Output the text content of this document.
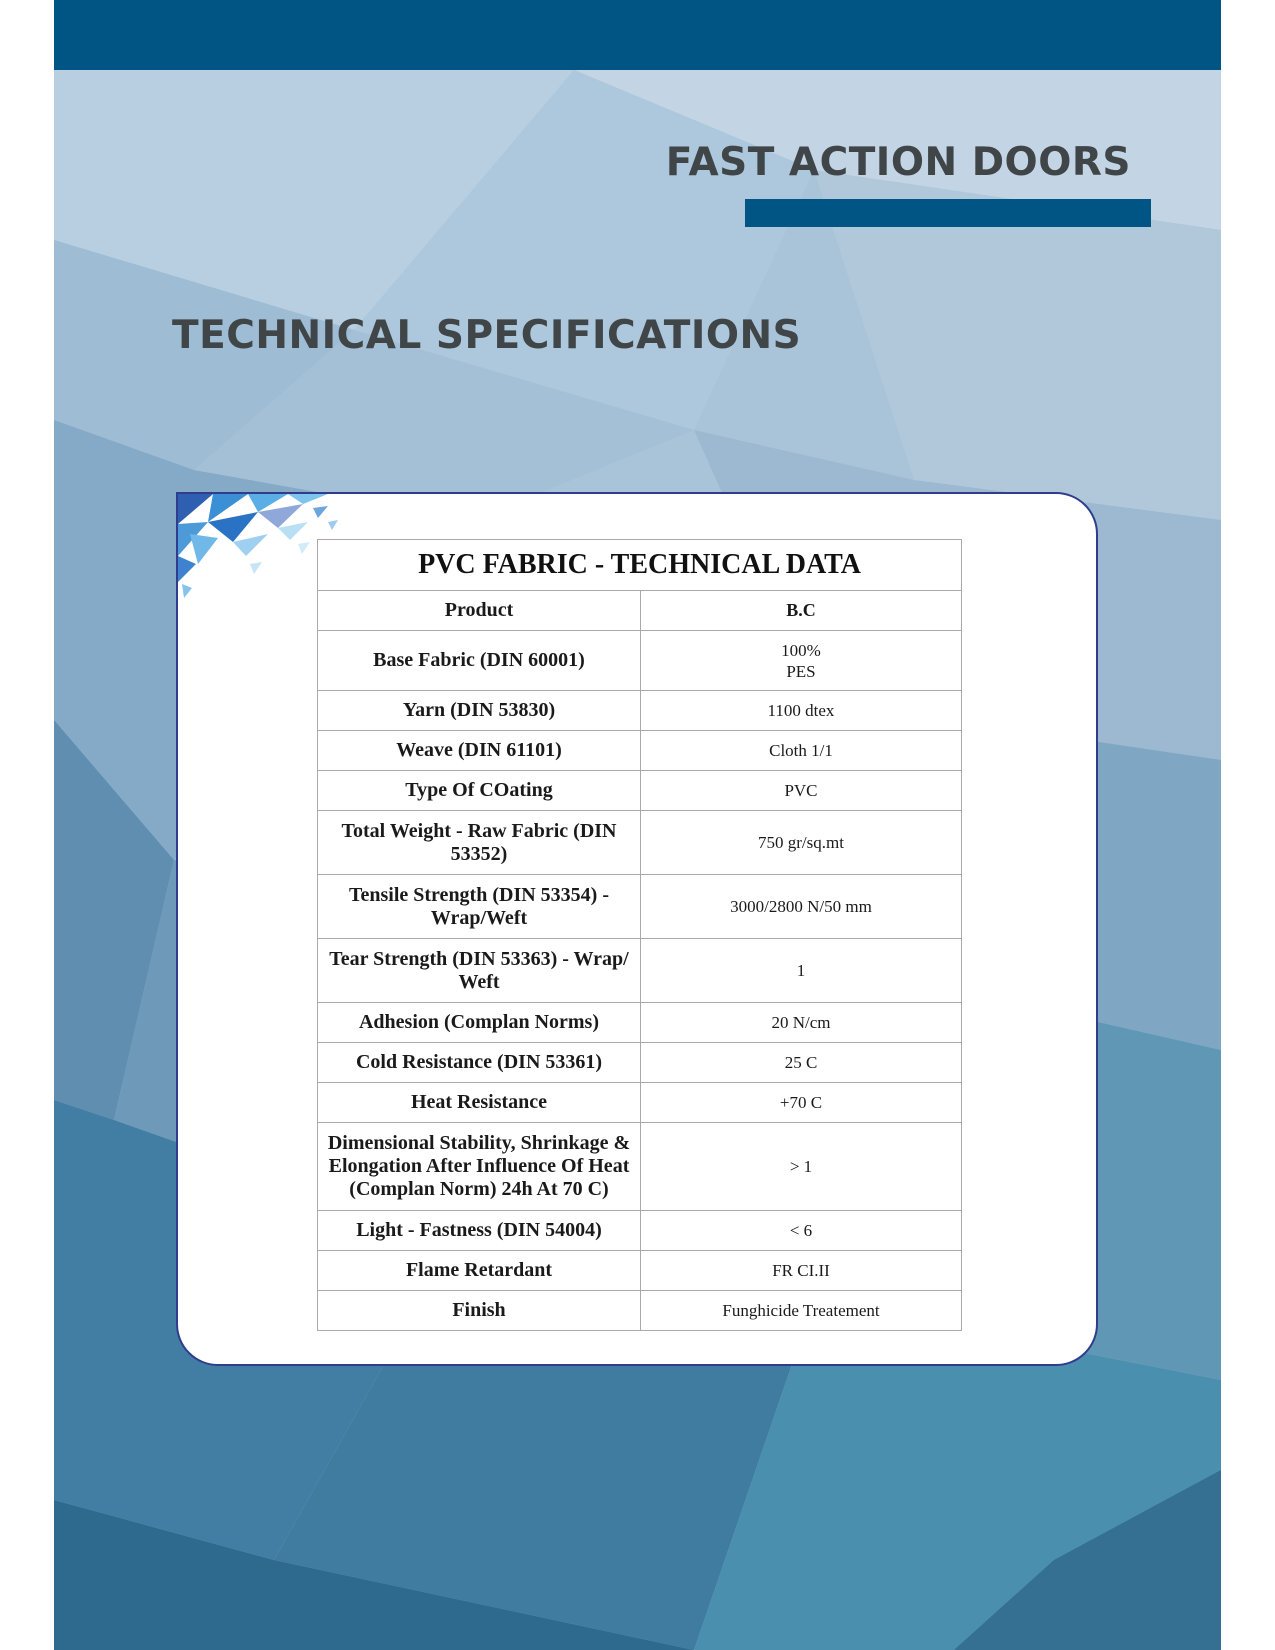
FAST ACTION DOORS
TECHNICAL SPECIFICATIONS
PVC FABRIC - TECHNICAL DATA	
Product	B.C
Base Fabric (DIN 60001)	100%
PES
Yarn (DIN 53830)	1100 dtex
Weave (DIN 61101)	Cloth 1/1
Type Of COating	PVC
Total Weight - Raw Fabric (DIN 53352)	750 gr/sq.mt
Tensile Strength (DIN 53354) - Wrap/Weft	3000/2800 N/50 mm
Tear Strength (DIN 53363) - Wrap/ Weft	1
Adhesion (Complan Norms)	20 N/cm
Cold Resistance (DIN 53361)	25 C
Heat Resistance	+70 C
Dimensional Stability, Shrinkage & Elongation After Influence Of Heat (Complan Norm) 24h At 70 C)	> 1
Light - Fastness (DIN 54004)	< 6
Flame Retardant	FR CI.II
Finish	Funghicide Treatement
